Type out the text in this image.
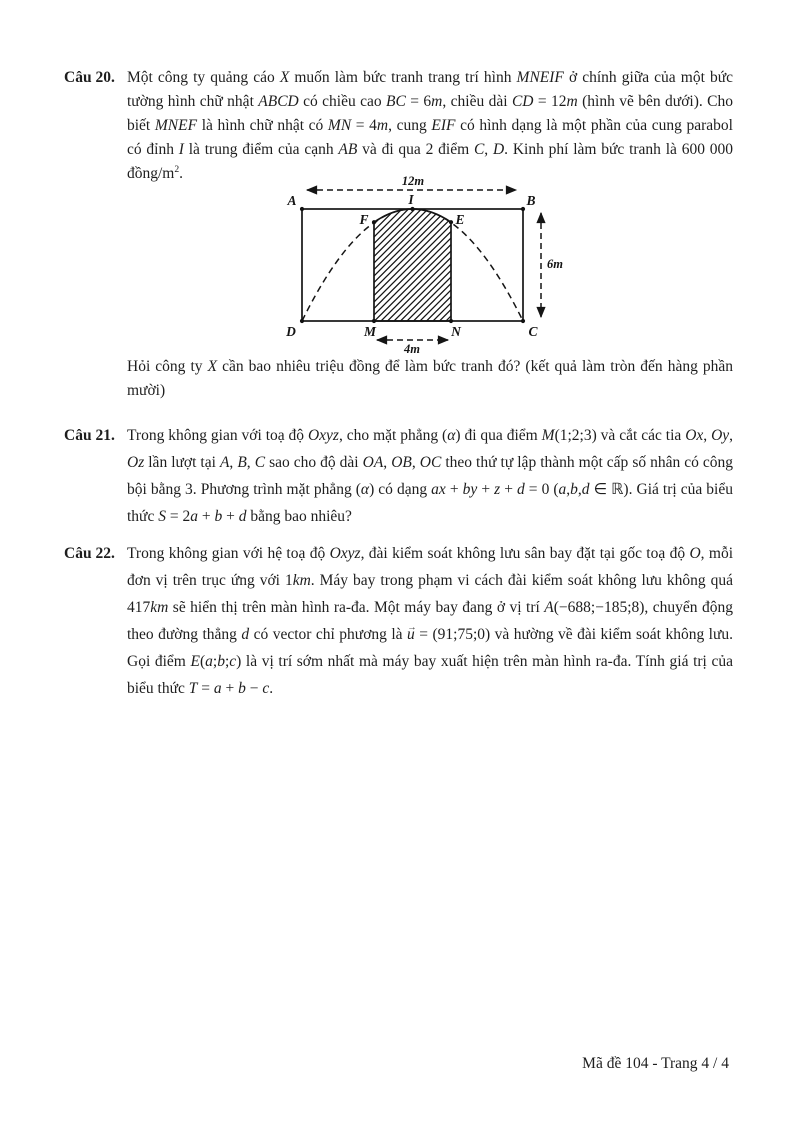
Câu 20. Một công ty quảng cáo X muốn làm bức tranh trang trí hình MNEIF ở chính giữa của một bức tường hình chữ nhật ABCD có chiều cao BC = 6m, chiều dài CD = 12m (hình vẽ bên dưới). Cho biết MNEF là hình chữ nhật có MN = 4m, cung EIF có hình dạng là một phần của cung parabol có đỉnh I là trung điểm của cạnh AB và đi qua 2 điểm C, D. Kinh phí làm bức tranh là 600 000 đồng/$m^2$.	12m
A	I	B
F	E
D	M	N	C
4m
6m
Hỏi công ty X cần bao nhiêu triệu đồng để làm bức tranh đó? (kết quả làm tròn đến hàng phần mười)
Câu 21. Trong không gian với toạ độ Oxyz, cho mặt phẳng (α) đi qua điểm M(1;2;3) và cắt các tia Ox, Oy, Oz lần lượt tại A, B, C sao cho độ dài OA, OB, OC theo thứ tự lập thành một cấp số nhân có công bội bằng 3. Phương trình mặt phẳng (α) có dạng ax + by + z + d = 0 (a,b,d ∈ ℝ). Giá trị của biểu thức S = 2a + b + d bằng bao nhiêu?
Câu 22. Trong không gian với hệ toạ độ Oxyz, đài kiểm soát không lưu sân bay đặt tại gốc toạ độ O, mỗi đơn vị trên trục ứng với 1km. Máy bay trong phạm vi cách đài kiểm soát không lưu không quá 417km sẽ hiển thị trên màn hình ra-đa. Một máy bay đang ở vị trí A(−688;−185;8), chuyển động theo đường thẳng d có vector chỉ phương là u → = (91;75;0) và hường về đài kiểm soát không lưu. Gọi điểm E(a;b;c) là vị trí sớm nhất mà máy bay xuất hiện trên màn hình ra-đa. Tính giá trị của biểu thức T = a + b − c.
Mã đề 104 - Trang 4 / 4
